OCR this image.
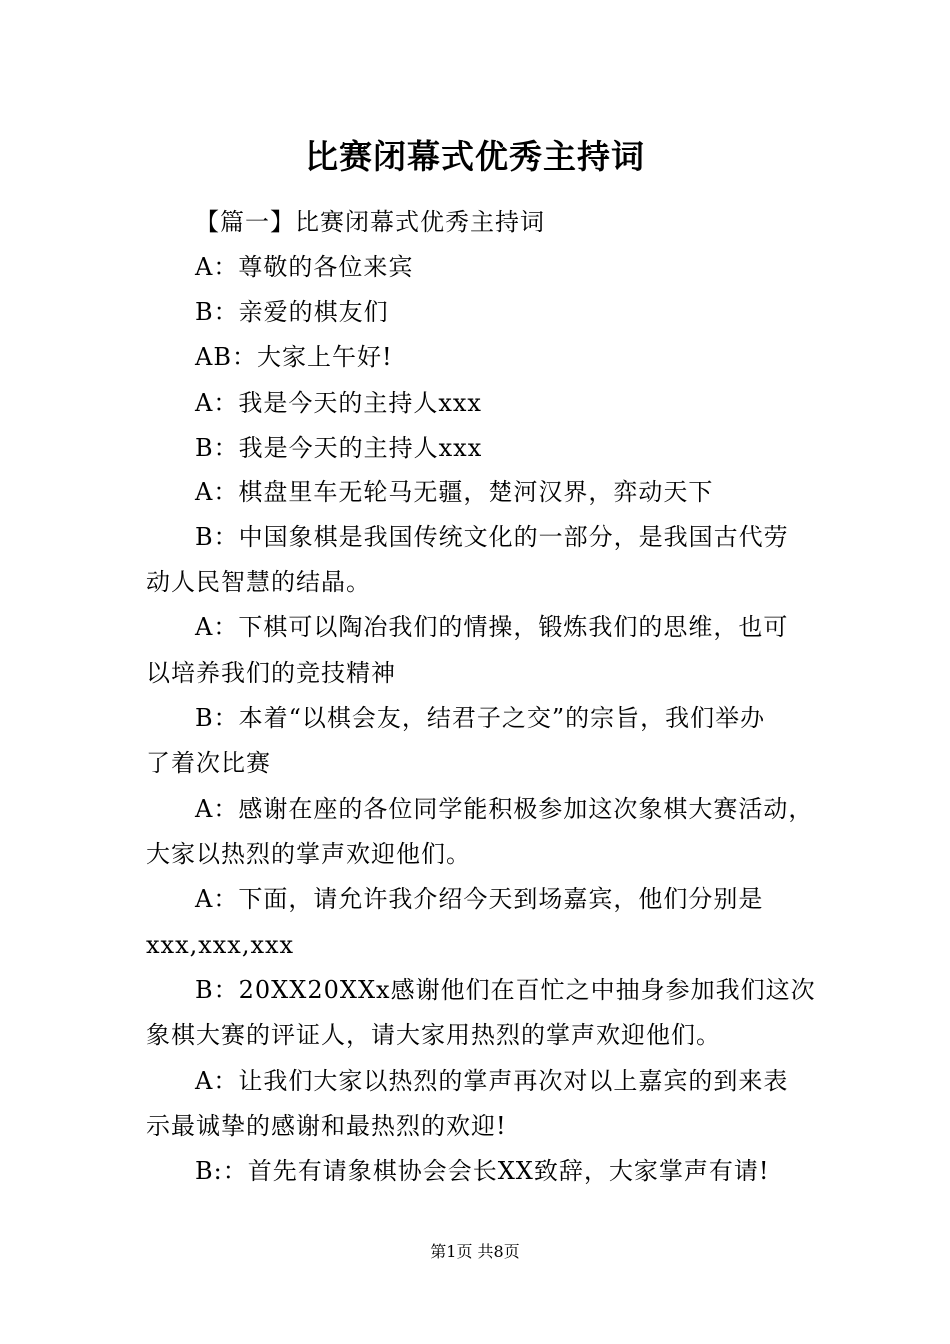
比赛闭幕式优秀主持词

【篇一】比赛闭幕式优秀主持词

A：尊敬的各位来宾

B：亲爱的棋友们

AB：大家上午好!

A：我是今天的主持人xxx

B：我是今天的主持人xxx

A：棋盘里车无轮马无疆，楚河汉界，弈动天下

B：中国象棋是我国传统文化的一部分，是我国古代劳

动人民智慧的结晶。

A：下棋可以陶冶我们的情操，锻炼我们的思维，也可

以培养我们的竞技精神

B：本着“以棋会友，结君子之交”的宗旨，我们举办

了着次比赛

A：感谢在座的各位同学能积极参加这次象棋大赛活动，

大家以热烈的掌声欢迎他们。

A：下面，请允许我介绍今天到场嘉宾，他们分别是

xxx,xxx,xxx

B：20XX20XXx感谢他们在百忙之中抽身参加我们这次

象棋大赛的评证人，请大家用热烈的掌声欢迎他们。

A：让我们大家以热烈的掌声再次对以上嘉宾的到来表

示最诚挚的感谢和最热烈的欢迎!

B:：首先有请象棋协会会长XX致辞，大家掌声有请!

第1页 共8页
